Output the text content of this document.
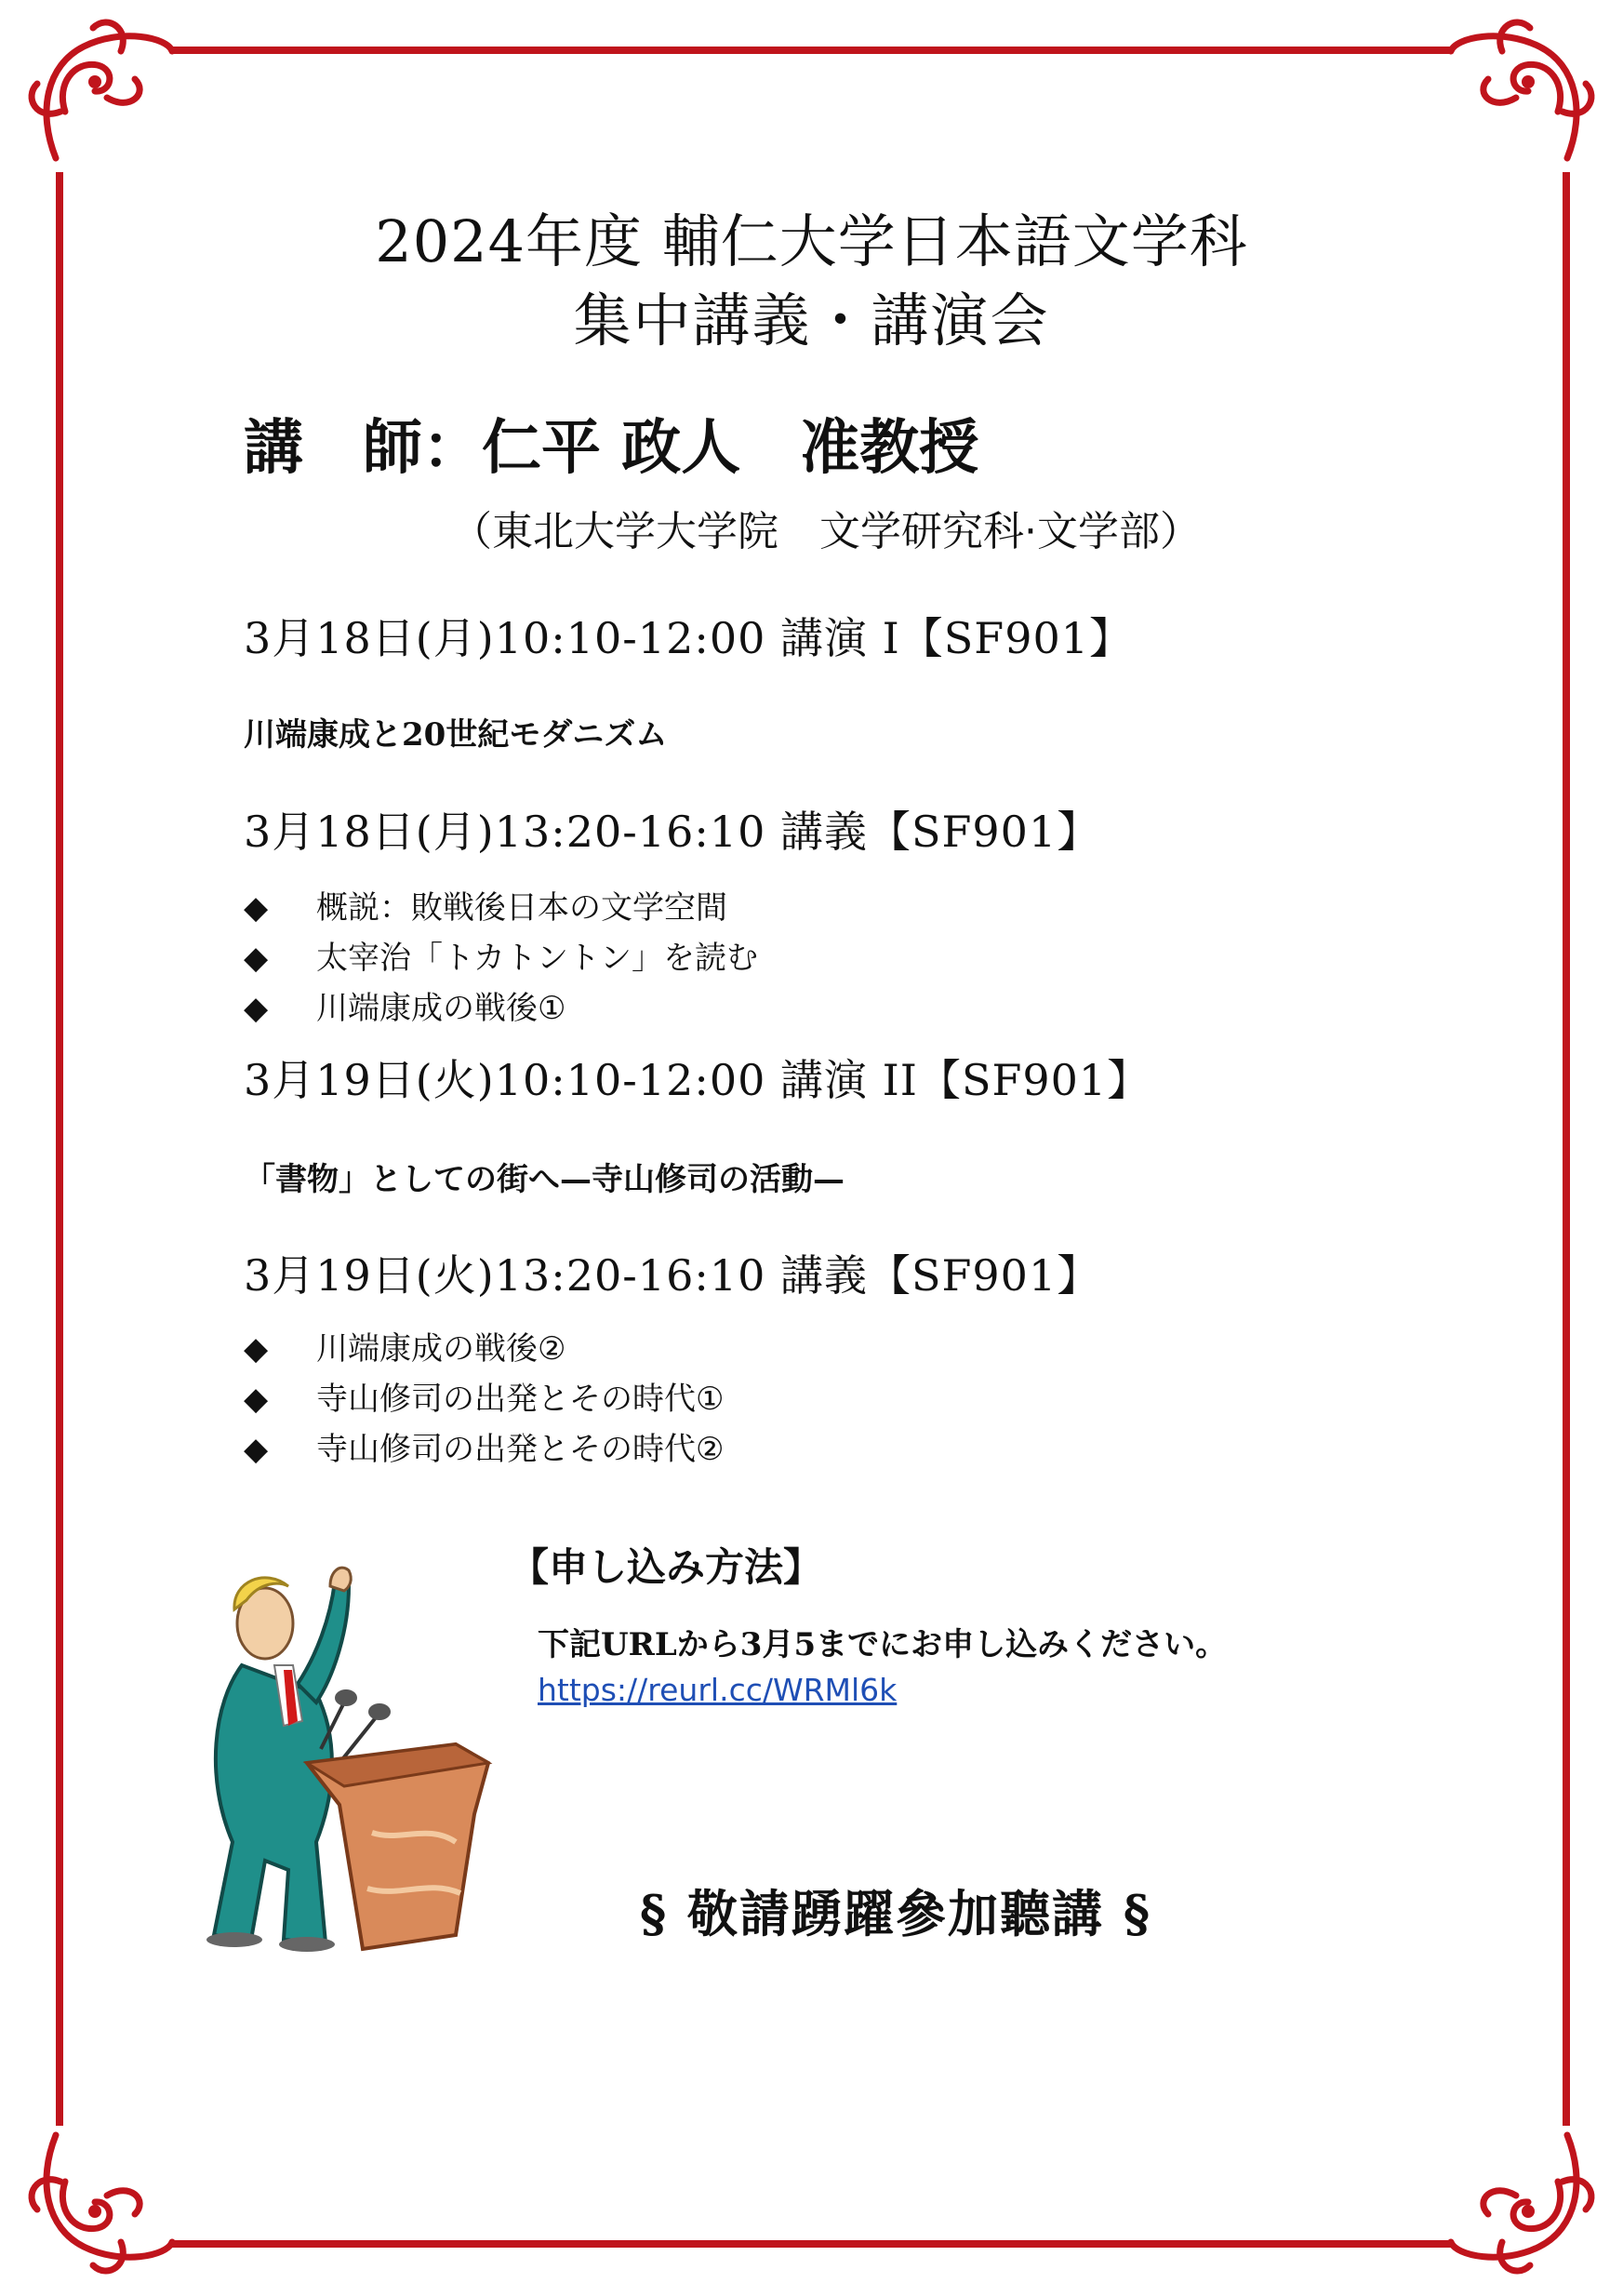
2024年度 輔仁大学日本語文学科
集中講義・講演会
講　師：仁平 政人　准教授
（東北大学大学院　文学研究科·文学部）
3月18日(月)10:10-12:00 講演 I【SF901】
川端康成と20世紀モダニズム
3月18日(月)13:20-16:10 講義【SF901】
◆ 概説：敗戦後日本の文学空間
◆ 太宰治「トカトントン」を読む
◆ 川端康成の戦後①
3月19日(火)10:10-12:00 講演 II【SF901】
「書物」としての街へ—寺山修司の活動—
3月19日(火)13:20-16:10 講義【SF901】
◆ 川端康成の戦後②
◆ 寺山修司の出発とその時代①
◆ 寺山修司の出発とその時代②
【申し込み方法】
下記URLから3月5までにお申し込みください。
https://reurl.cc/WRMl6k
§ 敬請踴躍參加聽講 §
